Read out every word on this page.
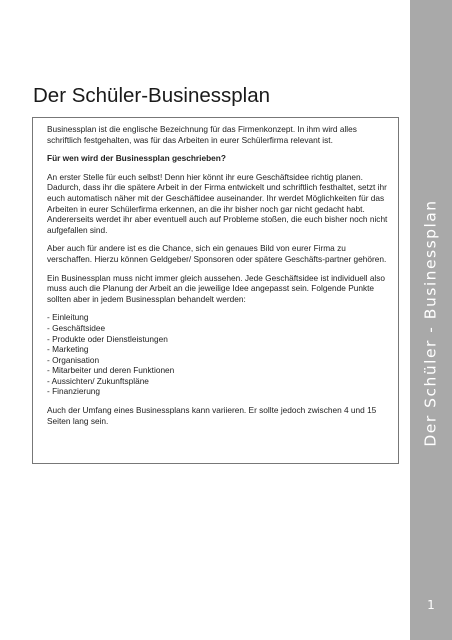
Der Schüler-Businessplan

Businessplan ist die englische Bezeichnung für das Firmenkonzept. In ihm wird alles schriftlich festgehalten, was für das Arbeiten in eurer Schülerfirma relevant ist.

Für wen wird der Businessplan geschrieben?

An erster Stelle für euch selbst! Denn hier könnt ihr eure Geschäftsidee richtig planen. Dadurch, dass ihr die spätere Arbeit in der Firma entwickelt und schriftlich festhaltet, setzt ihr euch automatisch näher mit der Geschäftidee auseinander. Ihr werdet Möglichkeiten für das Arbeiten in eurer Schülerfirma erkennen, an die ihr bisher noch gar nicht gedacht habt. Andererseits werdet ihr aber eventuell auch auf Probleme stoßen, die euch bisher noch nicht aufgefallen sind.

Aber auch für andere ist es die Chance, sich ein genaues Bild von eurer Firma zu verschaffen. Hierzu können Geldgeber/ Sponsoren oder spätere Geschäfts-partner gehören.

Ein Businessplan muss nicht immer gleich aussehen. Jede Geschäftsidee ist individuell also muss auch die Planung der Arbeit an die jeweilige Idee angepasst sein. Folgende Punkte sollten aber in jedem Businessplan behandelt werden:

- Einleitung
- Geschäftsidee
- Produkte oder Dienstleistungen
- Marketing
- Organisation
- Mitarbeiter und deren Funktionen
- Aussichten/ Zukunftspläne
- Finanzierung

Auch der Umfang eines Businessplans kann variieren. Er sollte jedoch zwischen 4 und 15 Seiten lang sein.	Der Schüler - Businessplan
1
